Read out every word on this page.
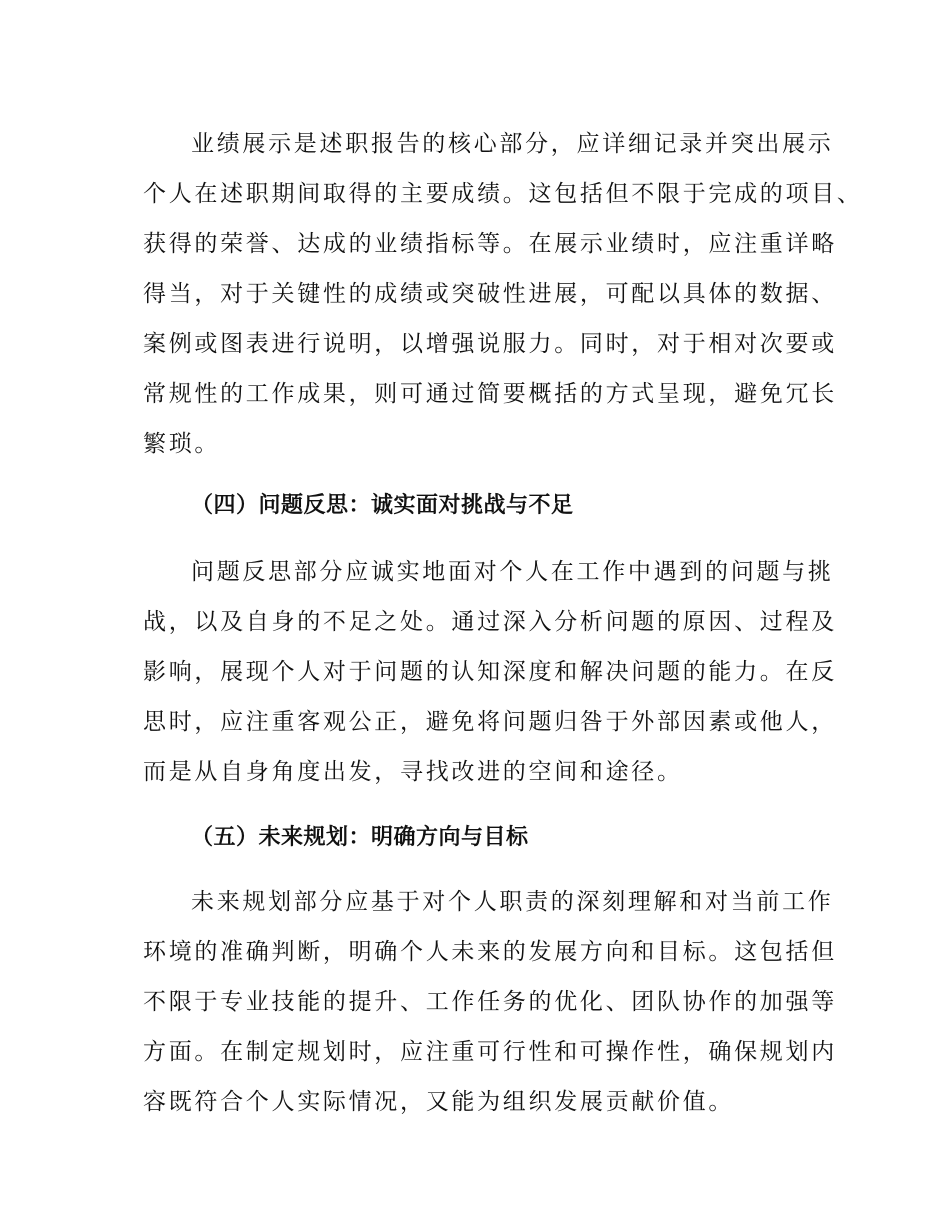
业绩展示是述职报告的核心部分，应详细记录并突出展示
个人在述职期间取得的主要成绩。这包括但不限于完成的项目、
获得的荣誉、达成的业绩指标等。在展示业绩时，应注重详略
得当，对于关键性的成绩或突破性进展，可配以具体的数据、
案例或图表进行说明，以增强说服力。同时，对于相对次要或
常规性的工作成果，则可通过简要概括的方式呈现，避免冗长
繁琐。
（四）问题反思：诚实面对挑战与不足
问题反思部分应诚实地面对个人在工作中遇到的问题与挑
战，以及自身的不足之处。通过深入分析问题的原因、过程及
影响，展现个人对于问题的认知深度和解决问题的能力。在反
思时，应注重客观公正，避免将问题归咎于外部因素或他人，
而是从自身角度出发，寻找改进的空间和途径。
（五）未来规划：明确方向与目标
未来规划部分应基于对个人职责的深刻理解和对当前工作
环境的准确判断，明确个人未来的发展方向和目标。这包括但
不限于专业技能的提升、工作任务的优化、团队协作的加强等
方面。在制定规划时，应注重可行性和可操作性，确保规划内
容既符合个人实际情况，又能为组织发展贡献价值。
